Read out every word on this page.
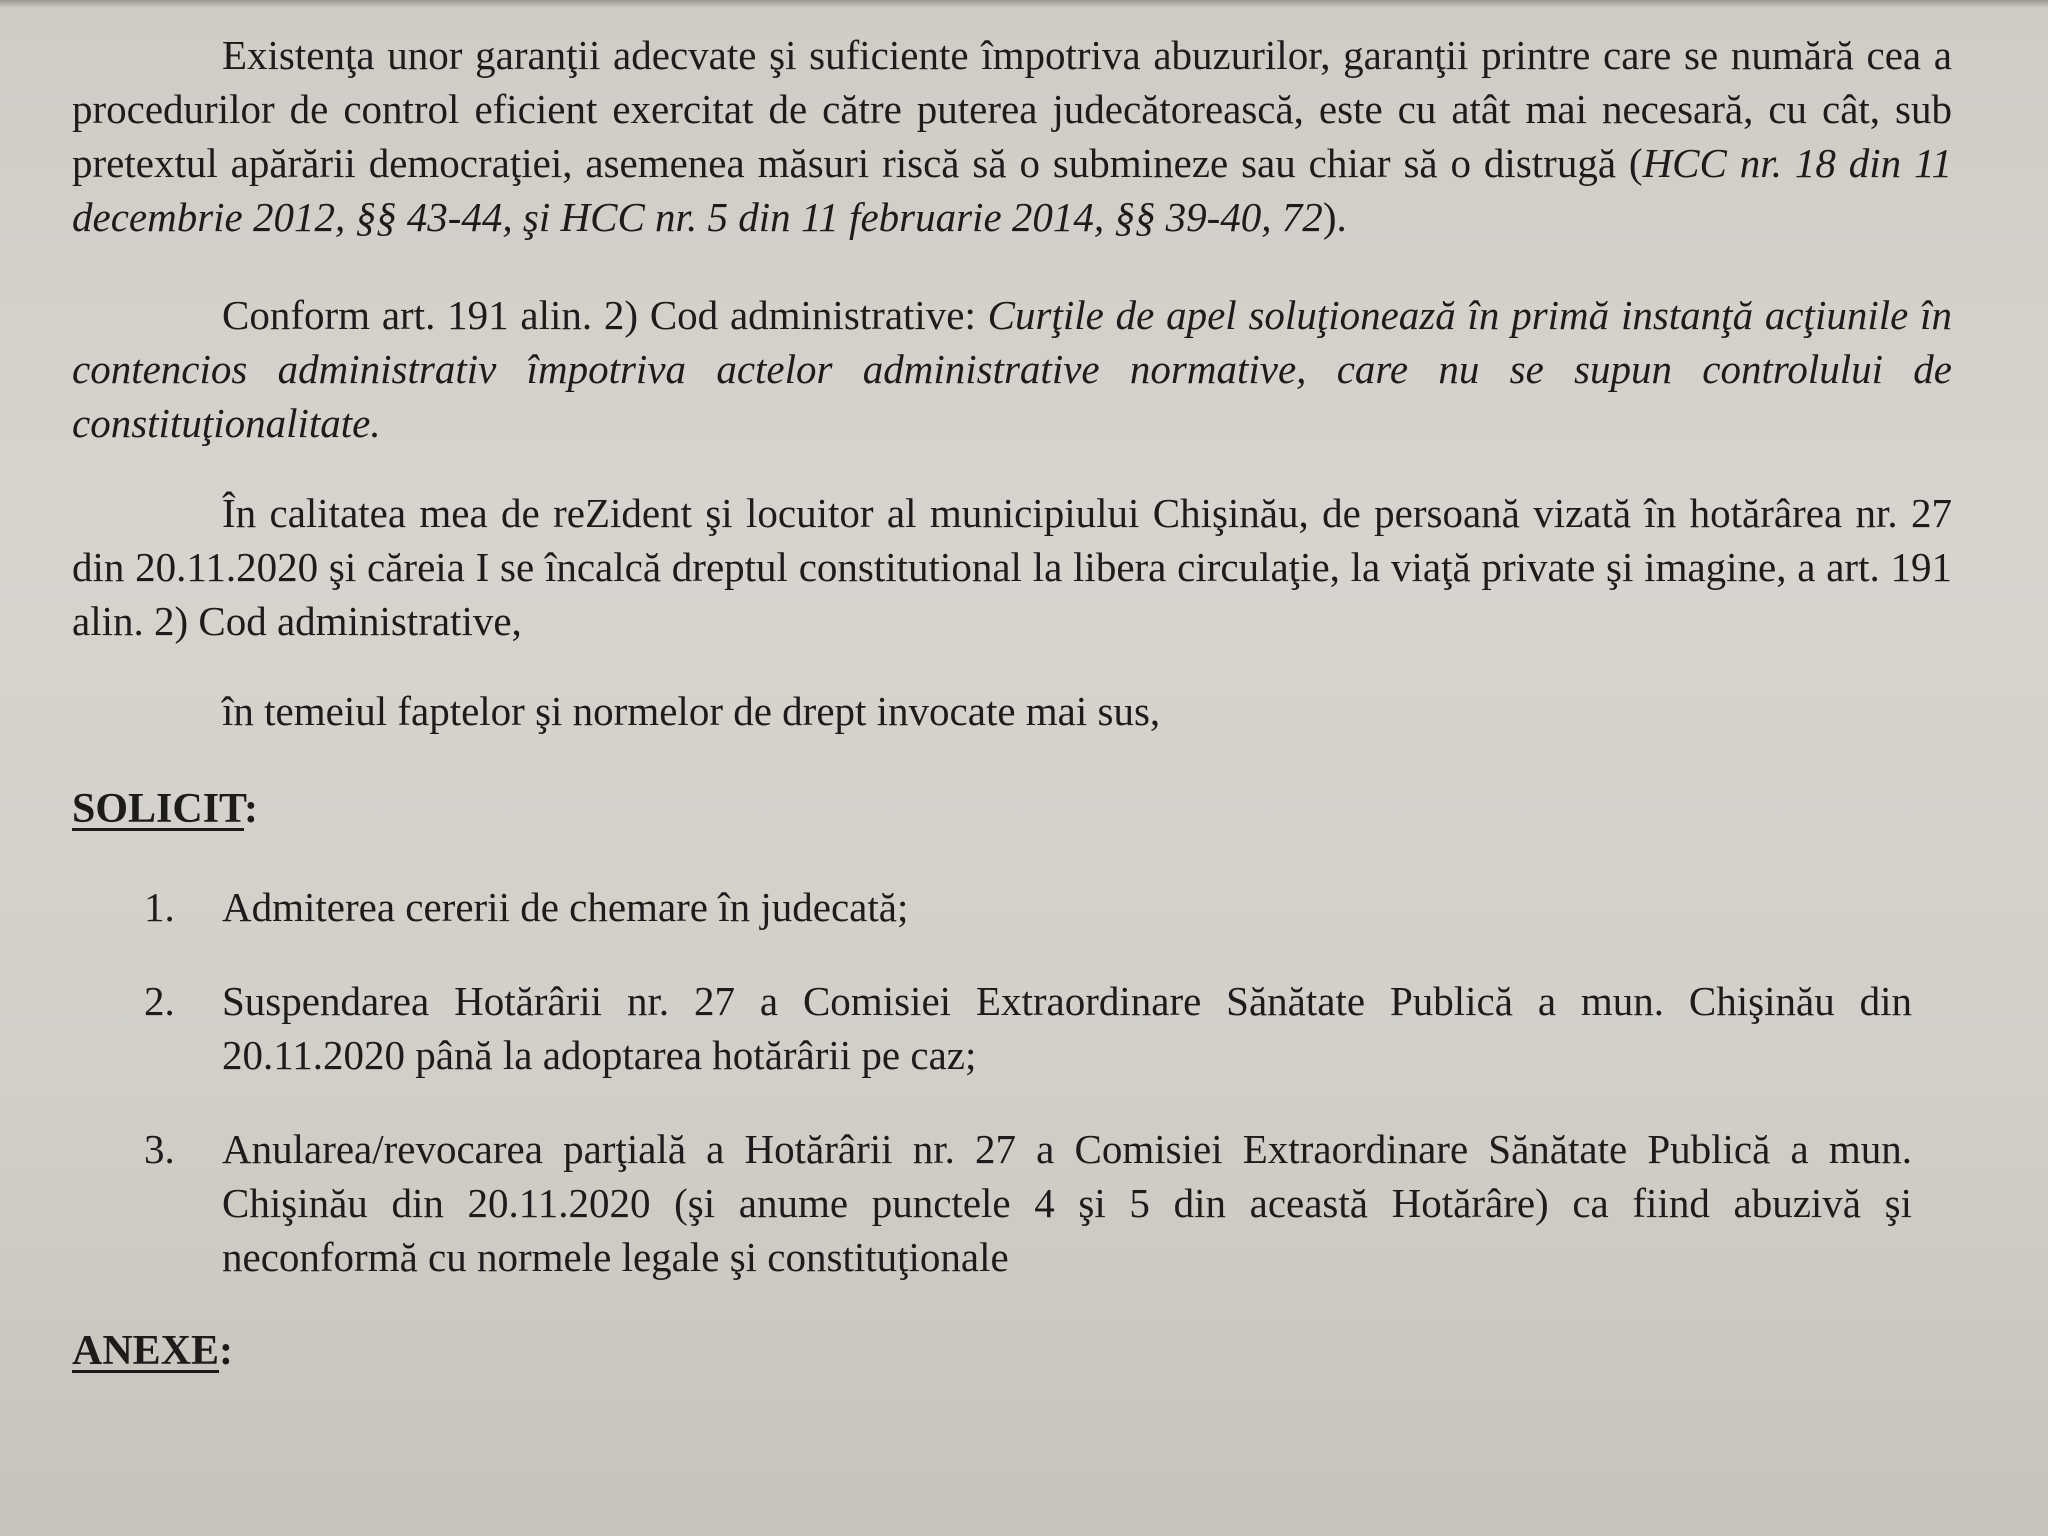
Existenţa unor garanţii adecvate şi suficiente împotriva abuzurilor, garanţii printre care se numără cea a procedurilor de control eficient exercitat de către puterea judecătorească, este cu atât mai necesară, cu cât, sub pretextul apărării democraţiei, asemenea măsuri riscă să o submineze sau chiar să o distrugă (HCC nr. 18 din 11 decembrie 2012, §§ 43-44, şi HCC nr. 5 din 11 februarie 2014, §§ 39-40, 72).

Conform art. 191 alin. 2) Cod administrative: Curţile de apel soluţionează în primă instanţă acţiunile în contencios administrativ împotriva actelor administrative normative, care nu se supun controlului de constituţionalitate.

În calitatea mea de reZident şi locuitor al municipiului Chişinău, de persoană vizată în hotărârea nr. 27 din 20.11.2020 şi căreia I se încalcă dreptul constitutional la libera circulaţie, la viaţă private şi imagine, a art. 191 alin. 2) Cod administrative,

în temeiul faptelor şi normelor de drept invocate mai sus,

SOLICIT:

1.	Admiterea cererii de chemare în judecată;
2.	Suspendarea Hotărârii nr. 27 a Comisiei Extraordinare Sănătate Publică a mun. Chişinău din 20.11.2020 până la adoptarea hotărârii pe caz;
3.	Anularea/revocarea parţială a Hotărârii nr. 27 a Comisiei Extraordinare Sănătate Publică a mun. Chişinău din 20.11.2020 (şi anume punctele 4 şi 5 din această Hotărâre) ca fiind abuzivă şi neconformă cu normele legale şi constituţionale

ANEXE:
